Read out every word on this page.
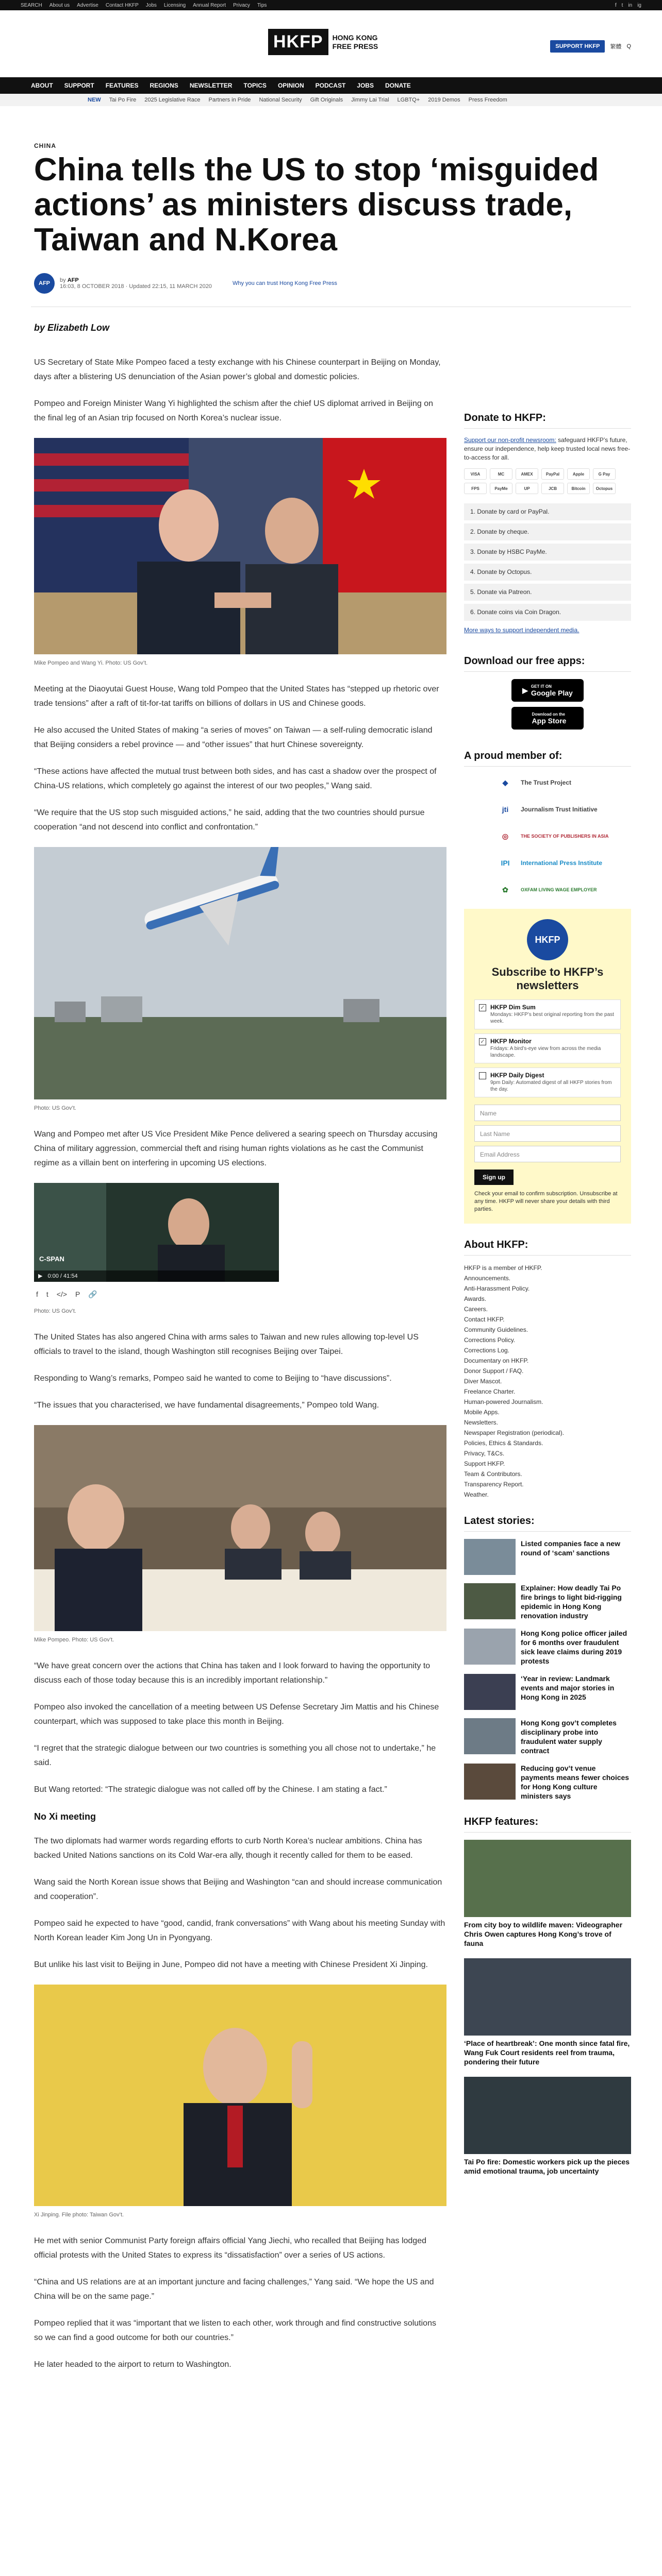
SEARCH About us Advertise Contact HKFP Jobs Licensing Annual Report Privacy Tips	f t in ig
HKFP	HONG KONG
FREE PRESS	SUPPORT HKFP	繁體 Q
ABOUT SUPPORT FEATURES REGIONS NEWSLETTER TOPICS OPINION PODCAST JOBS DONATE
NEW Tai Po Fire 2025 Legislative Race Partners in Pride National Security Gift Originals Jimmy Lai Trial LGBTQ+ 2019 Demos Press Freedom
CHINA
China tells the US to stop ‘misguided actions’ as ministers discuss trade, Taiwan and N.Korea
AFP	by AFP
16:03, 8 OCTOBER 2018 · Updated 22:15, 11 MARCH 2020	Why you can trust Hong Kong Free Press
by Elizabeth Low

US Secretary of State Mike Pompeo faced a testy exchange with his Chinese counterpart in Beijing on Monday, days after a blistering US denunciation of the Asian power’s global and domestic policies.

Pompeo and Foreign Minister Wang Yi highlighted the schism after the chief US diplomat arrived in Beijing on the final leg of an Asian trip focused on North Korea’s nuclear issue.

Mike Pompeo and Wang Yi. Photo: US Gov’t.

Meeting at the Diaoyutai Guest House, Wang told Pompeo that the United States has “stepped up rhetoric over trade tensions” after a raft of tit-for-tat tariffs on billions of dollars in US and Chinese goods.

He also accused the United States of making “a series of moves” on Taiwan — a self-ruling democratic island that Beijing considers a rebel province — and “other issues” that hurt Chinese sovereignty.

“These actions have affected the mutual trust between both sides, and has cast a shadow over the prospect of China-US relations, which completely go against the interest of our two peoples,” Wang said.

“We require that the US stop such misguided actions,” he said, adding that the two countries should pursue cooperation “and not descend into conflict and confrontation.”

Photo: US Gov’t.

Wang and Pompeo met after US Vice President Mike Pence delivered a searing speech on Thursday accusing China of military aggression, commercial theft and rising human rights violations as he cast the Communist regime as a villain bent on interfering in upcoming US elections.

C-SPAN
▶ 0:00 / 41:54
f t </> P 🔗
Photo: US Gov’t.

The United States has also angered China with arms sales to Taiwan and new rules allowing top-level US officials to travel to the island, though Washington still recognises Beijing over Taipei.

Responding to Wang’s remarks, Pompeo said he wanted to come to Beijing to “have discussions”.

“The issues that you characterised, we have fundamental disagreements,” Pompeo told Wang.

Mike Pompeo. Photo: US Gov’t.

“We have great concern over the actions that China has taken and I look forward to having the opportunity to discuss each of those today because this is an incredibly important relationship.”

Pompeo also invoked the cancellation of a meeting between US Defense Secretary Jim Mattis and his Chinese counterpart, which was supposed to take place this month in Beijing.

“I regret that the strategic dialogue between our two countries is something you all chose not to undertake,” he said.

But Wang retorted: “The strategic dialogue was not called off by the Chinese. I am stating a fact.”

No Xi meeting

The two diplomats had warmer words regarding efforts to curb North Korea’s nuclear ambitions. China has backed United Nations sanctions on its Cold War-era ally, though it recently called for them to be eased.

Wang said the North Korean issue shows that Beijing and Washington “can and should increase communication and cooperation”.

Pompeo said he expected to have “good, candid, frank conversations” with Wang about his meeting Sunday with North Korean leader Kim Jong Un in Pyongyang.

But unlike his last visit to Beijing in June, Pompeo did not have a meeting with Chinese President Xi Jinping.

Xi Jinping. File photo: Taiwan Gov’t.

He met with senior Communist Party foreign affairs official Yang Jiechi, who recalled that Beijing has lodged official protests with the United States to express its “dissatisfaction” over a series of US actions.

“China and US relations are at an important juncture and facing challenges,” Yang said. “We hope the US and China will be on the same page.”

Pompeo replied that it was “important that we listen to each other, work through and find constructive solutions so we can find a good outcome for both our countries.”

He later headed to the airport to return to Washington.

Donate to HKFP:

Support our non-profit newsroom: safeguard HKFP’s future, ensure our independence, help keep trusted local news free-to-access for all.

VISA	MC	AMEX	PayPal	Apple	G Pay
FPS	PayMe	UP	JCB	Bitcoin	Octopus
1. Donate by card or PayPal.
2. Donate by cheque.
3. Donate by HSBC PayMe.
4. Donate by Octopus.
5. Donate via Patreon.
6. Donate coins via Coin Dragon.

More ways to support independent media.

Download our free apps:
▶ GET IT ON
Google Play
Download on the
App Store
A proud member of:
◆	The Trust Project
jti	Journalism Trust Initiative
◎	THE SOCIETY OF PUBLISHERS IN ASIA
IPI	International Press Institute
✿	OXFAM LIVING WAGE EMPLOYER
HKFP
Subscribe to HKFP’s newsletters
✓ HKFP Dim Sum
Mondays: HKFP’s best original reporting from the past week.
✓ HKFP Monitor
Fridays: A bird’s-eye view from across the media landscape.
HKFP Daily Digest
9pm Daily: Automated digest of all HKFP stories from the day.
Name
Last Name
Email Address
Sign up
Check your email to confirm subscription. Unsubscribe at any time. HKFP will never share your details with third parties.
About HKFP:
HKFP is a member of HKFP.
Announcements.
Anti-Harassment Policy.
Awards.
Careers.
Contact HKFP.
Community Guidelines.
Corrections Policy.
Corrections Log.
Documentary on HKFP.
Donor Support / FAQ.
Diver Mascot.
Freelance Charter.
Human-powered Journalism.
Mobile Apps.
Newsletters.
Newspaper Registration (periodical).
Policies, Ethics & Standards.
Privacy, T&Cs.
Support HKFP.
Team & Contributors.
Transparency Report.
Weather.
Latest stories:
Listed companies face a new round of ‘scam’ sanctions
Explainer: How deadly Tai Po fire brings to light bid-rigging epidemic in Hong Kong renovation industry
Hong Kong police officer jailed for 6 months over fraudulent sick leave claims during 2019 protests
‘Year in review: Landmark events and major stories in Hong Kong in 2025
Hong Kong gov’t completes disciplinary probe into fraudulent water supply contract
Reducing gov’t venue payments means fewer choices for Hong Kong culture ministers says
HKFP features:
From city boy to wildlife maven: Videographer Chris Owen captures Hong Kong’s trove of fauna
‘Place of heartbreak’: One month since fatal fire, Wang Fuk Court residents reel from trauma, pondering their future
Tai Po fire: Domestic workers pick up the pieces amid emotional trauma, job uncertainty
